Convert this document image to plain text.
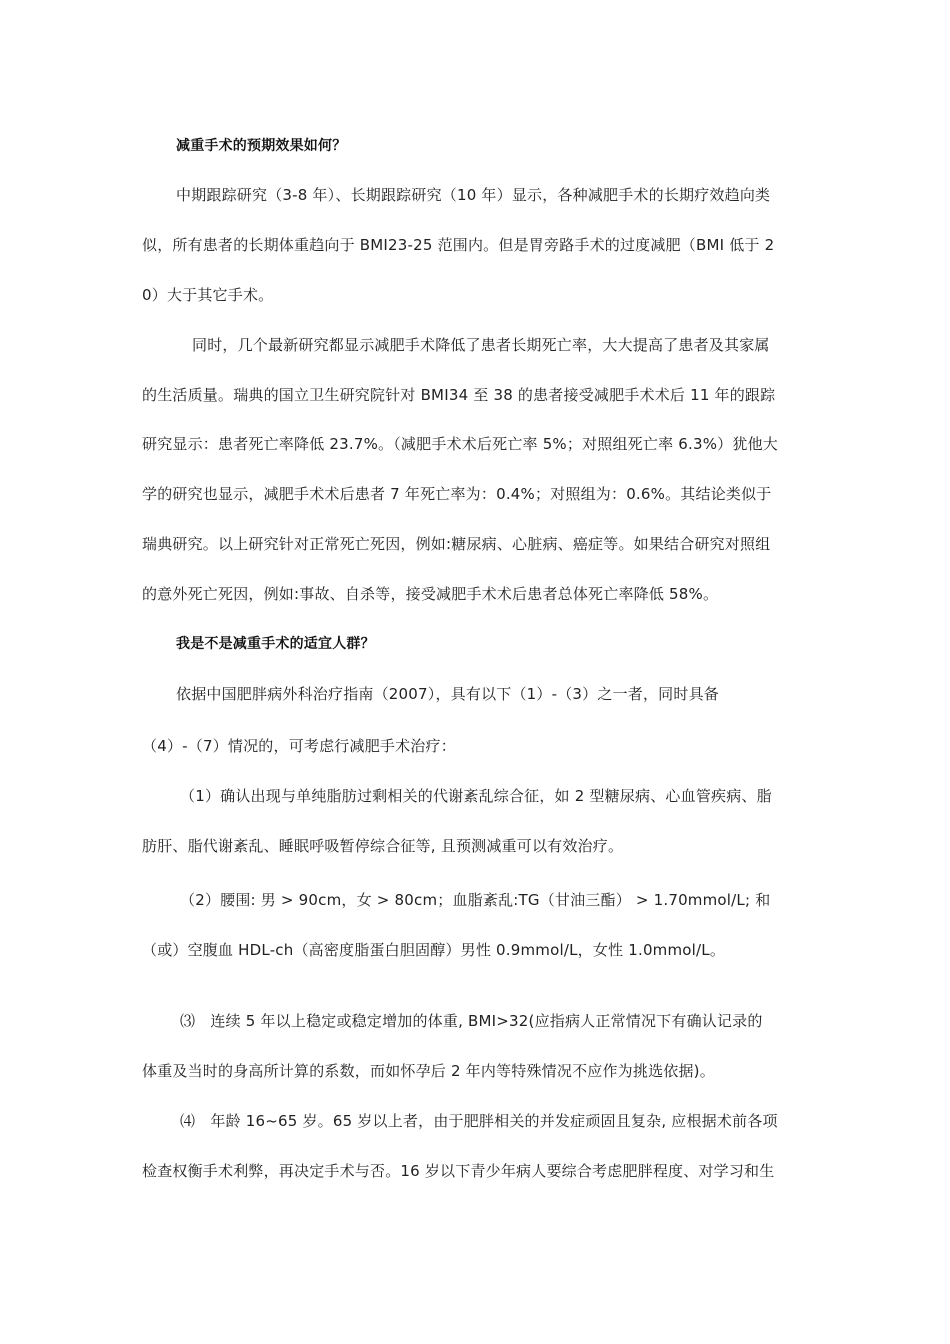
减重手术的预期效果如何？
中期跟踪研究（3-8 年）、长期跟踪研究（10 年）显示，各种减肥手术的长期疗效趋向类
似，所有患者的长期体重趋向于 BMI23-25 范围内。但是胃旁路手术的过度减肥（BMI 低于 2
0）大于其它手术。
同时，几个最新研究都显示减肥手术降低了患者长期死亡率，大大提高了患者及其家属
的生活质量。瑞典的国立卫生研究院针对 BMI34 至 38 的患者接受减肥手术术后 11 年的跟踪
研究显示：患者死亡率降低 23.7%。（减肥手术术后死亡率 5%；对照组死亡率 6.3%）犹他大
学的研究也显示，减肥手术术后患者 7 年死亡率为：0.4%；对照组为：0.6%。其结论类似于
瑞典研究。以上研究针对正常死亡死因，例如:糖尿病、心脏病、癌症等。如果结合研究对照组
的意外死亡死因，例如:事故、自杀等，接受减肥手术术后患者总体死亡率降低 58%。
我是不是减重手术的适宜人群？
依据中国肥胖病外科治疗指南（2007），具有以下（1）-（3）之一者，同时具备
（4）-（7）情况的，可考虑行减肥手术治疗：
（1）确认出现与单纯脂肪过剩相关的代谢紊乱综合征，如 2 型糖尿病、心血管疾病、脂
肪肝、脂代谢紊乱、睡眠呼吸暂停综合征等, 且预测减重可以有效治疗。
（2）腰围: 男 > 90cm，女 > 80cm；血脂紊乱:TG（甘油三酯） > 1.70mmol/L; 和
（或）空腹血 HDL-ch（高密度脂蛋白胆固醇）男性 0.9mmol/L，女性 1.0mmol/L。
⑶　连续 5 年以上稳定或稳定增加的体重, BMI>32(应指病人正常情况下有确认记录的
体重及当时的身高所计算的系数，而如怀孕后 2 年内等特殊情况不应作为挑选依据)。
⑷　年龄 16~65 岁。65 岁以上者，由于肥胖相关的并发症顽固且复杂, 应根据术前各项
检查权衡手术利弊，再决定手术与否。16 岁以下青少年病人要综合考虑肥胖程度、对学习和生
